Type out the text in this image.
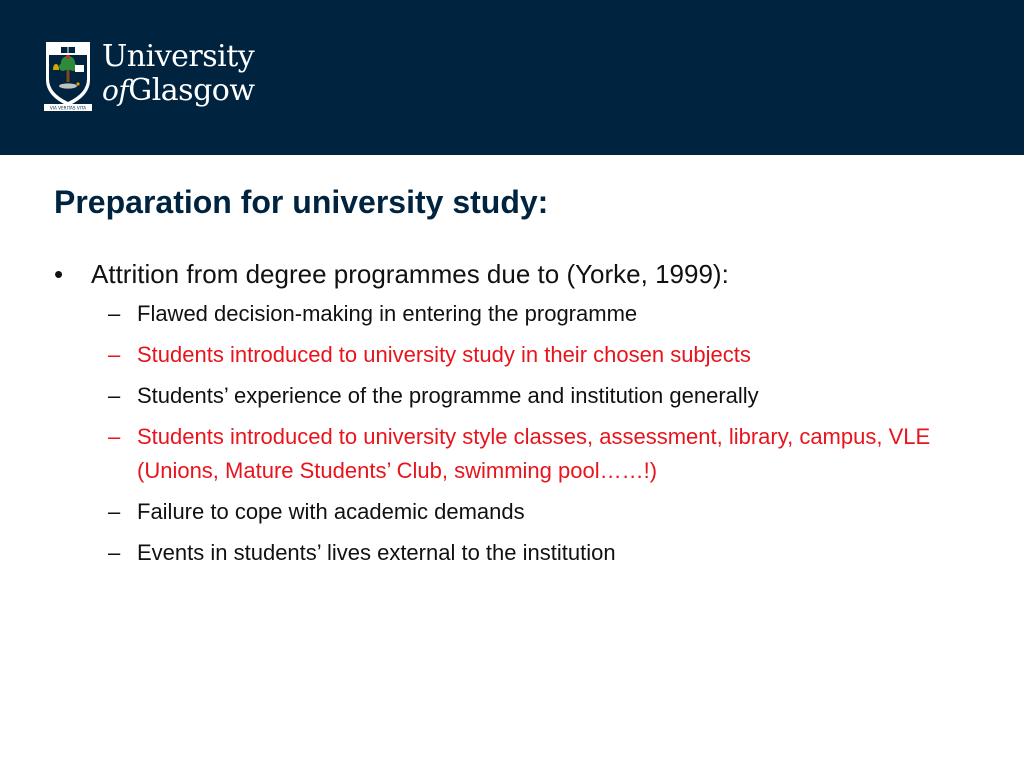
VIA VERITAS VITA
University
ofGlasgow
Preparation for university study:
•	Attrition from degree programmes due to (Yorke, 1999):
– Flawed decision-making in entering the programme
– Students introduced to university study in their chosen subjects
– Students’ experience of the programme and institution generally
– Students introduced to university style classes, assessment, library, campus, VLE (Unions, Mature Students’ Club, swimming pool……!)
– Failure to cope with academic demands
– Events in students’ lives external to the institution
